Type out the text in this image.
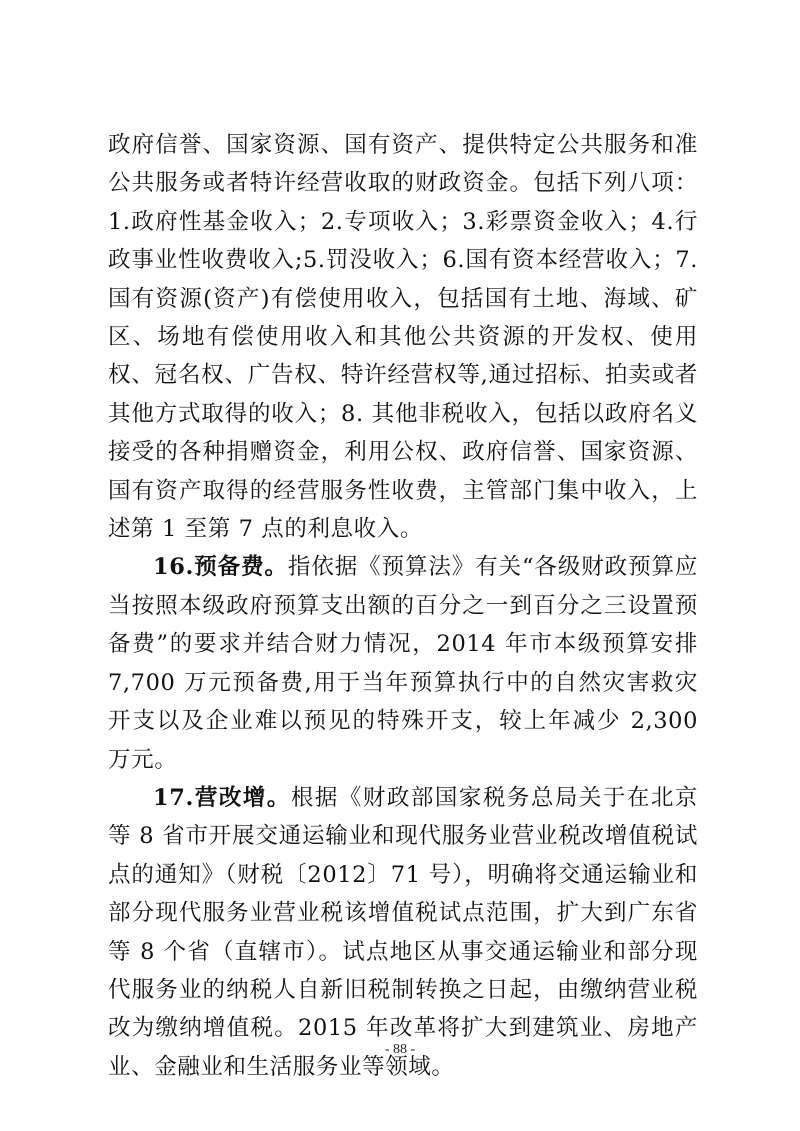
政府信誉、国家资源、国有资产、提供特定公共服务和准公共服务或者特许经营收取的财政资金。包括下列八项：1.政府性基金收入；2.专项收入；3.彩票资金收入；4.行政事业性收费收入;5.罚没收入；6.国有资本经营收入；7.国有资源(资产)有偿使用收入，包括国有土地、海域、矿区、场地有偿使用收入和其他公共资源的开发权、使用权、冠名权、广告权、特许经营权等,通过招标、拍卖或者其他方式取得的收入；8. 其他非税收入，包括以政府名义接受的各种捐赠资金，利用公权、政府信誉、国家资源、国有资产取得的经营服务性收费，主管部门集中收入，上述第 1 至第 7 点的利息收入。

16.预备费。指依据《预算法》有关“各级财政预算应当按照本级政府预算支出额的百分之一到百分之三设置预备费”的要求并结合财力情况，2014 年市本级预算安排 7,700 万元预备费,用于当年预算执行中的自然灾害救灾开支以及企业难以预见的特殊开支，较上年减少 2,300 万元。

17.营改增。根据《财政部国家税务总局关于在北京等 8 省市开展交通运输业和现代服务业营业税改增值税试点的通知》（财税〔2012〕71 号），明确将交通运输业和部分现代服务业营业税该增值税试点范围，扩大到广东省等 8 个省（直辖市）。试点地区从事交通运输业和部分现代服务业的纳税人自新旧税制转换之日起，由缴纳营业税改为缴纳增值税。2015 年改革将扩大到建筑业、房地产业、金融业和生活服务业等领域。

- 88 -
